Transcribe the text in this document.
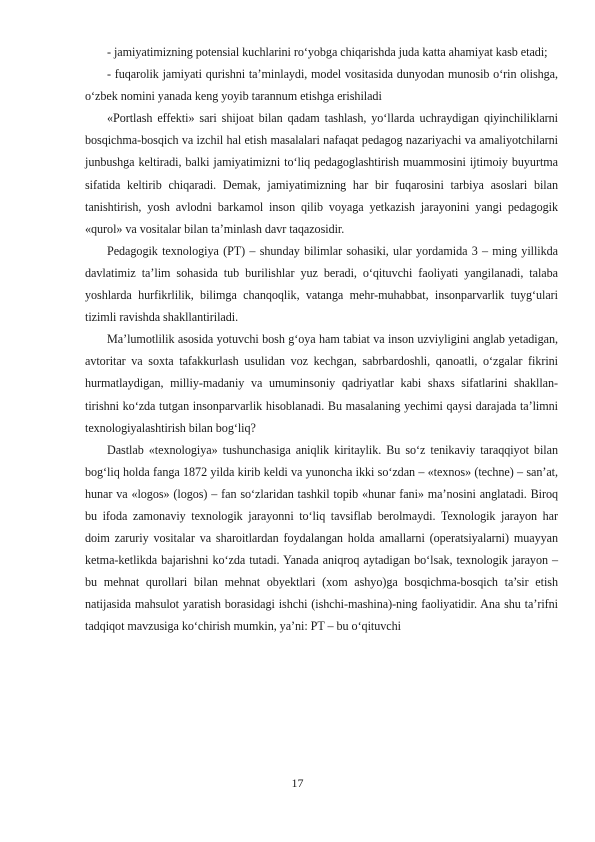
- jamiyatimizning potensial kuchlarini ro‘yobga chiqarishda juda katta ahamiyat kasb etadi;

- fuqarolik jamiyati qurishni ta’minlaydi, model vositasida dunyodan munosib o‘rin olishga, o‘zbek nomini yanada keng yoyib tarannum etishga erishiladi

«Portlash effekti» sari shijoat bilan qadam tashlash, yo‘llarda uchraydigan qiyinchiliklarni bosqichma-bosqich va izchil hal etish masalalari nafaqat pedagog nazariyachi va amaliyotchilarni junbushga keltiradi, balki jamiyatimizni to‘liq pedagoglashtirish muammosini ijtimoiy buyurtma sifatida keltirib chiqaradi. Demak, jamiyatimizning har bir fuqarosini tarbiya asoslari bilan tanishtirish, yosh avlodni barkamol inson qilib voyaga yetkazish jarayonini yangi pedagogik «qurol» va vositalar bilan ta’minlash davr taqazosidir.

Pedagogik texnologiya (PT) – shunday bilimlar sohasiki, ular yordamida 3 – ming yillikda davlatimiz ta’lim sohasida tub burilishlar yuz beradi, o‘qituvchi faoliyati yangilanadi, talaba yoshlarda hurfikrlilik, bilimga chanqoqlik, vatanga mehr-muhabbat, insonparvarlik tuyg‘ulari tizimli ravishda shakllantiriladi.

Ma’lumotlilik asosida yotuvchi bosh g‘oya ham tabiat va inson uzviyligini anglab yetadigan, avtoritar va soxta tafakkurlash usulidan voz kechgan, sabrbardoshli, qanoatli, o‘zgalar fikrini hurmatlaydigan, milliy-madaniy va umuminsoniy qadriyatlar kabi shaxs sifatlarini shakllan-tirishni ko‘zda tutgan insonparvarlik hisoblanadi. Bu masalaning yechimi qaysi darajada ta’limni texnologiyalashtirish bilan bog‘liq?

Dastlab «texnologiya» tushunchasiga aniqlik kiritaylik. Bu so‘z tenikaviy taraqqiyot bilan bog‘liq holda fanga 1872 yilda kirib keldi va yunoncha ikki so‘zdan – «texnos» (techne) – san’at, hunar va «logos» (logos) – fan so‘zlaridan tashkil topib «hunar fani» ma’nosini anglatadi. Biroq bu ifoda zamonaviy texnologik jarayonni to‘liq tavsiflab berolmaydi. Texnologik jarayon har doim zaruriy vositalar va sharoitlardan foydalangan holda amallarni (operatsiyalarni) muayyan ketma-ketlikda bajarishni ko‘zda tutadi. Yanada aniqroq aytadigan bo‘lsak, texnologik jarayon – bu mehnat qurollari bilan mehnat obyektlari (xom ashyo)ga bosqichma-bosqich ta’sir etish natijasida mahsulot yaratish borasidagi ishchi (ishchi-mashina)-ning faoliyatidir. Ana shu ta’rifni tadqiqot mavzusiga ko‘chirish mumkin, ya’ni: PT – bu o‘qituvchi

17
